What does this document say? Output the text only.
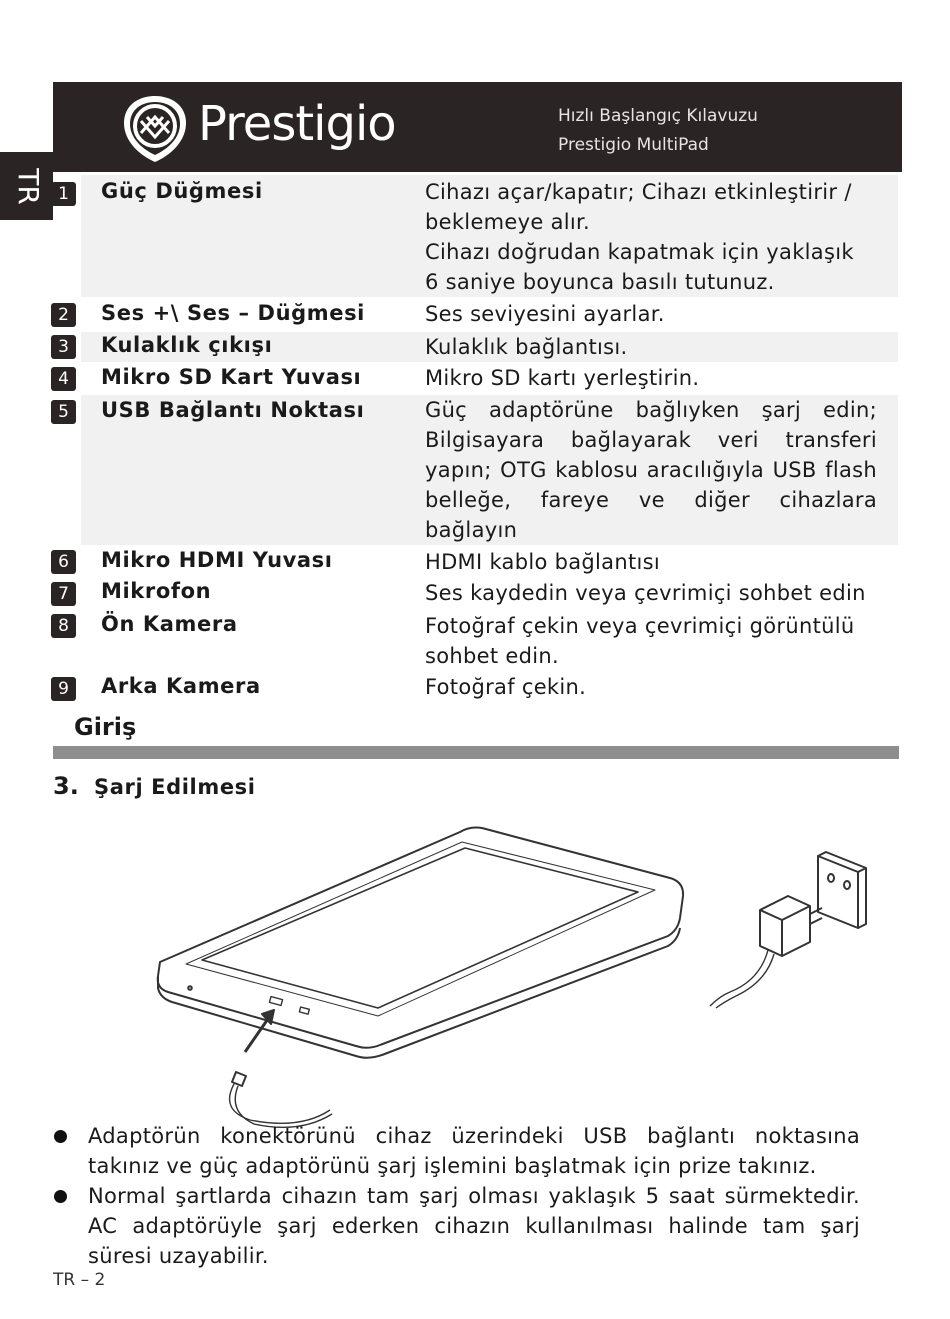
Prestigio	Hızlı Başlangıç Kılavuzu
Prestigio MultiPad
TR 1	Güç Düğmesi	Cihazı açar/kapatır; Cihazı etkinleştirir /
beklemeye alır.
Cihazı doğrudan kapatmak için yaklaşık
6 saniye boyunca basılı tutunuz.
2	Ses +\ Ses – Düğmesi	Ses seviyesini ayarlar.
3	Kulaklık çıkışı	Kulaklık bağlantısı.
4	Mikro SD Kart Yuvası	Mikro SD kartı yerleştirin.
5	USB Bağlantı Noktası	Güç adaptörüne bağlıyken şarj edin; Bilgisayara bağlayarak veri transferi yapın; OTG kablosu aracılığıyla USB flash belleğe, fareye ve diğer cihazlara bağlayın
6	Mikro HDMI Yuvası	HDMI kablo bağlantısı
7	Mikrofon	Ses kaydedin veya çevrimiçi sohbet edin
8	Ön Kamera	Fotoğraf çekin veya çevrimiçi görüntülü
sohbet edin.
9	Arka Kamera	Fotoğraf çekin.
Giriş
3. Şarj Edilmesi
Adaptörün konektörünü cihaz üzerindeki USB bağlantı noktasına takınız ve güç adaptörünü şarj işlemini başlatmak için prize takınız.
Normal şartlarda cihazın tam şarj olması yaklaşık 5 saat sürmektedir. AC adaptörüyle şarj ederken cihazın kullanılması halinde tam şarj süresi uzayabilir.
TR – 2
